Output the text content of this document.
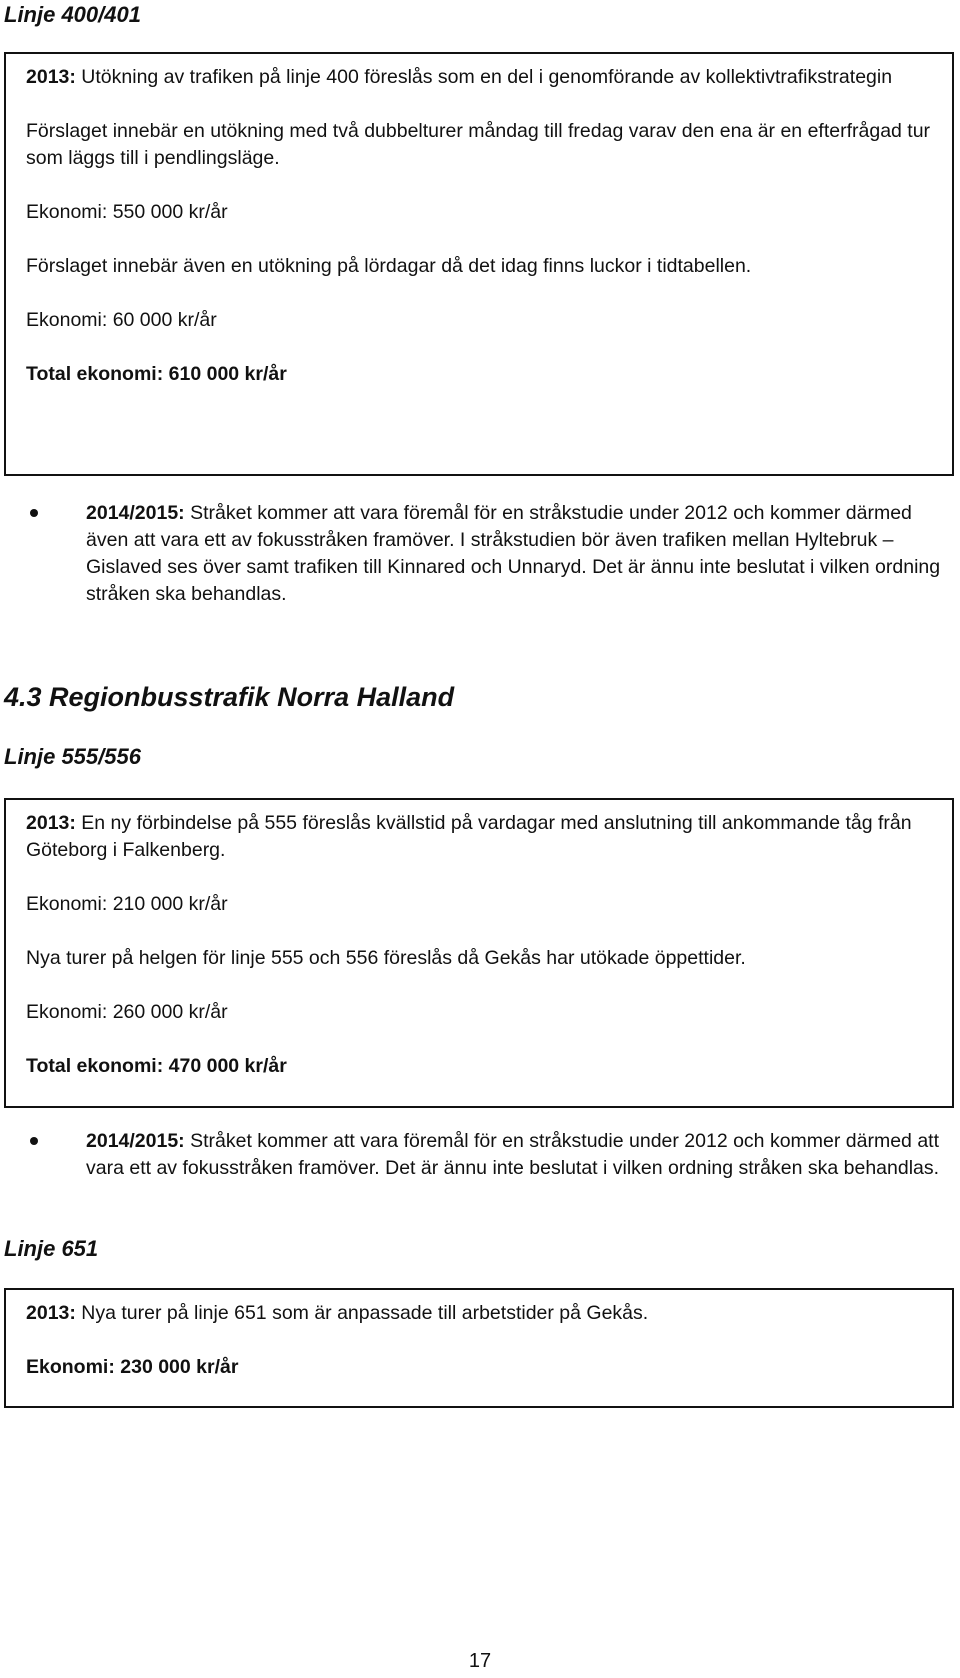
Linje 400/401

2013: Utökning av trafiken på linje 400 föreslås som en del i genomförande av kollektivtrafikstrategin

Förslaget innebär en utökning med två dubbelturer måndag till fredag varav den ena är en efterfrågad tur som läggs till i pendlingsläge.

Ekonomi: 550 000 kr/år

Förslaget innebär även en utökning på lördagar då det idag finns luckor i tidtabellen.

Ekonomi: 60 000 kr/år

Total ekonomi: 610 000 kr/år

2014/2015: Stråket kommer att vara föremål för en stråkstudie under 2012 och kommer därmed även att vara ett av fokusstråken framöver. I stråkstudien bör även trafiken mellan Hyltebruk – Gislaved ses över samt trafiken till Kinnared och Unnaryd. Det är ännu inte beslutat i vilken ordning stråken ska behandlas.
4.3 Regionbusstrafik Norra Halland
Linje 555/556

2013: En ny förbindelse på 555 föreslås kvällstid på vardagar med anslutning till ankommande tåg från Göteborg i Falkenberg.

Ekonomi: 210 000 kr/år

Nya turer på helgen för linje 555 och 556 föreslås då Gekås har utökade öppettider.

Ekonomi: 260 000 kr/år

Total ekonomi: 470 000 kr/år

2014/2015: Stråket kommer att vara föremål för en stråkstudie under 2012 och kommer därmed att vara ett av fokusstråken framöver. Det är ännu inte beslutat i vilken ordning stråken ska behandlas.
Linje 651

2013: Nya turer på linje 651 som är anpassade till arbetstider på Gekås.

Ekonomi: 230 000 kr/år

17
